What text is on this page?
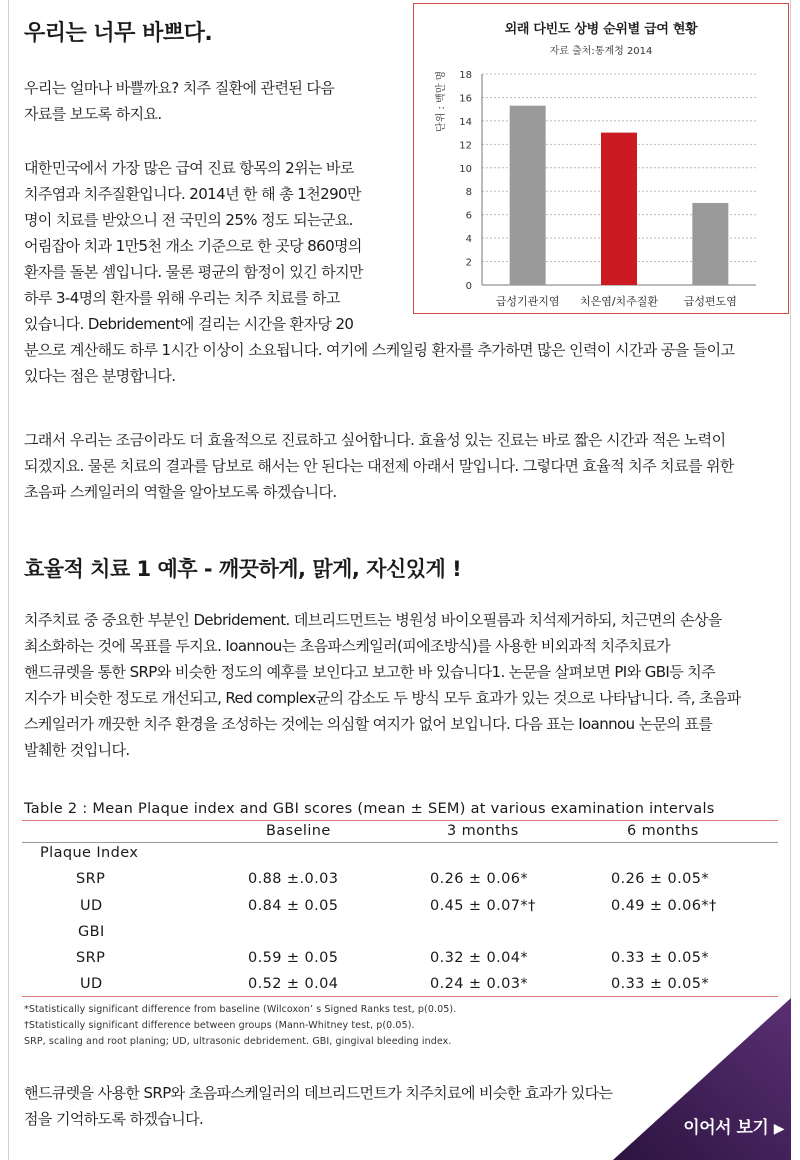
우리는 너무 바쁘다.
우리는 얼마나 바쁠까요? 치주 질환에 관련된 다음
자료를 보도록 하지요.
대한민국에서 가장 많은 급여 진료 항목의 2위는 바로
치주염과 치주질환입니다. 2014년 한 해 총 1천290만
명이 치료를 받았으니 전 국민의 25% 정도 되는군요.
어림잡아 치과 1만5천 개소 기준으로 한 곳당 860명의
환자를 돌본 셈입니다. 물론 평균의 함정이 있긴 하지만
하루 3-4명의 환자를 위해 우리는 치주 치료를 하고
있습니다. Debridement에 걸리는 시간을 환자당 20
분으로 계산해도 하루 1시간 이상이 소요됩니다. 여기에 스케일링 환자를 추가하면 많은 인력이 시간과 공을 들이고
있다는 점은 분명합니다.
그래서 우리는 조금이라도 더 효율적으로 진료하고 싶어합니다. 효율성 있는 진료는 바로 짧은 시간과 적은 노력이
되겠지요. 물론 치료의 결과를 담보로 해서는 안 된다는 대전제 아래서 말입니다. 그렇다면 효율적 치주 치료를 위한
초음파 스케일러의 역할을 알아보도록 하겠습니다.
외래 다빈도 상병 순위별 급여 현황
자료 출처:통계청 2014
단위 : 백만 명
0
2
4
6
8
10
12
14
16
18
급성기관지염 치은염/치주질환 급성편도염
효율적 치료 1 예후 - 깨끗하게, 맑게, 자신있게 !
치주치료 중 중요한 부분인 Debridement. 데브리드먼트는 병원성 바이오필름과 치석제거하되, 치근면의 손상을
최소화하는 것에 목표를 두지요. Ioannou는 초음파스케일러(피에조방식)를 사용한 비외과적 치주치료가
핸드큐렛을 통한 SRP와 비슷한 정도의 예후를 보인다고 보고한 바 있습니다1. 논문을 살펴보면 PI와 GBI등 치주
지수가 비슷한 정도로 개선되고, Red complex균의 감소도 두 방식 모두 효과가 있는 것으로 나타납니다. 즉, 초음파
스케일러가 깨끗한 치주 환경을 조성하는 것에는 의심할 여지가 없어 보입니다. 다음 표는 Ioannou 논문의 표를
발췌한 것입니다.
Table 2 : Mean Plaque index and GBI scores (mean ± SEM) at various examination intervals
Baseline	3 months	6 months
Plaque Index
SRP	0.88 ±.0.03	0.26 ± 0.06*	0.26 ± 0.05*
UD	0.84 ± 0.05	0.45 ± 0.07*†	0.49 ± 0.06*†
GBI
SRP	0.59 ± 0.05	0.32 ± 0.04*	0.33 ± 0.05*
UD	0.52 ± 0.04	0.24 ± 0.03*	0.33 ± 0.05*
*Statistically significant difference from baseline (Wilcoxon’ s Signed Ranks test, p(0.05).
†Statistically significant difference between groups (Mann-Whitney test, p(0.05).
SRP, scaling and root planing; UD, ultrasonic debridement. GBI, gingival bleeding index.
핸드큐렛을 사용한 SRP와 초음파스케일러의 데브리드먼트가 치주치료에 비슷한 효과가 있다는
점을 기억하도록 하겠습니다.	이어서 보기 ▶
